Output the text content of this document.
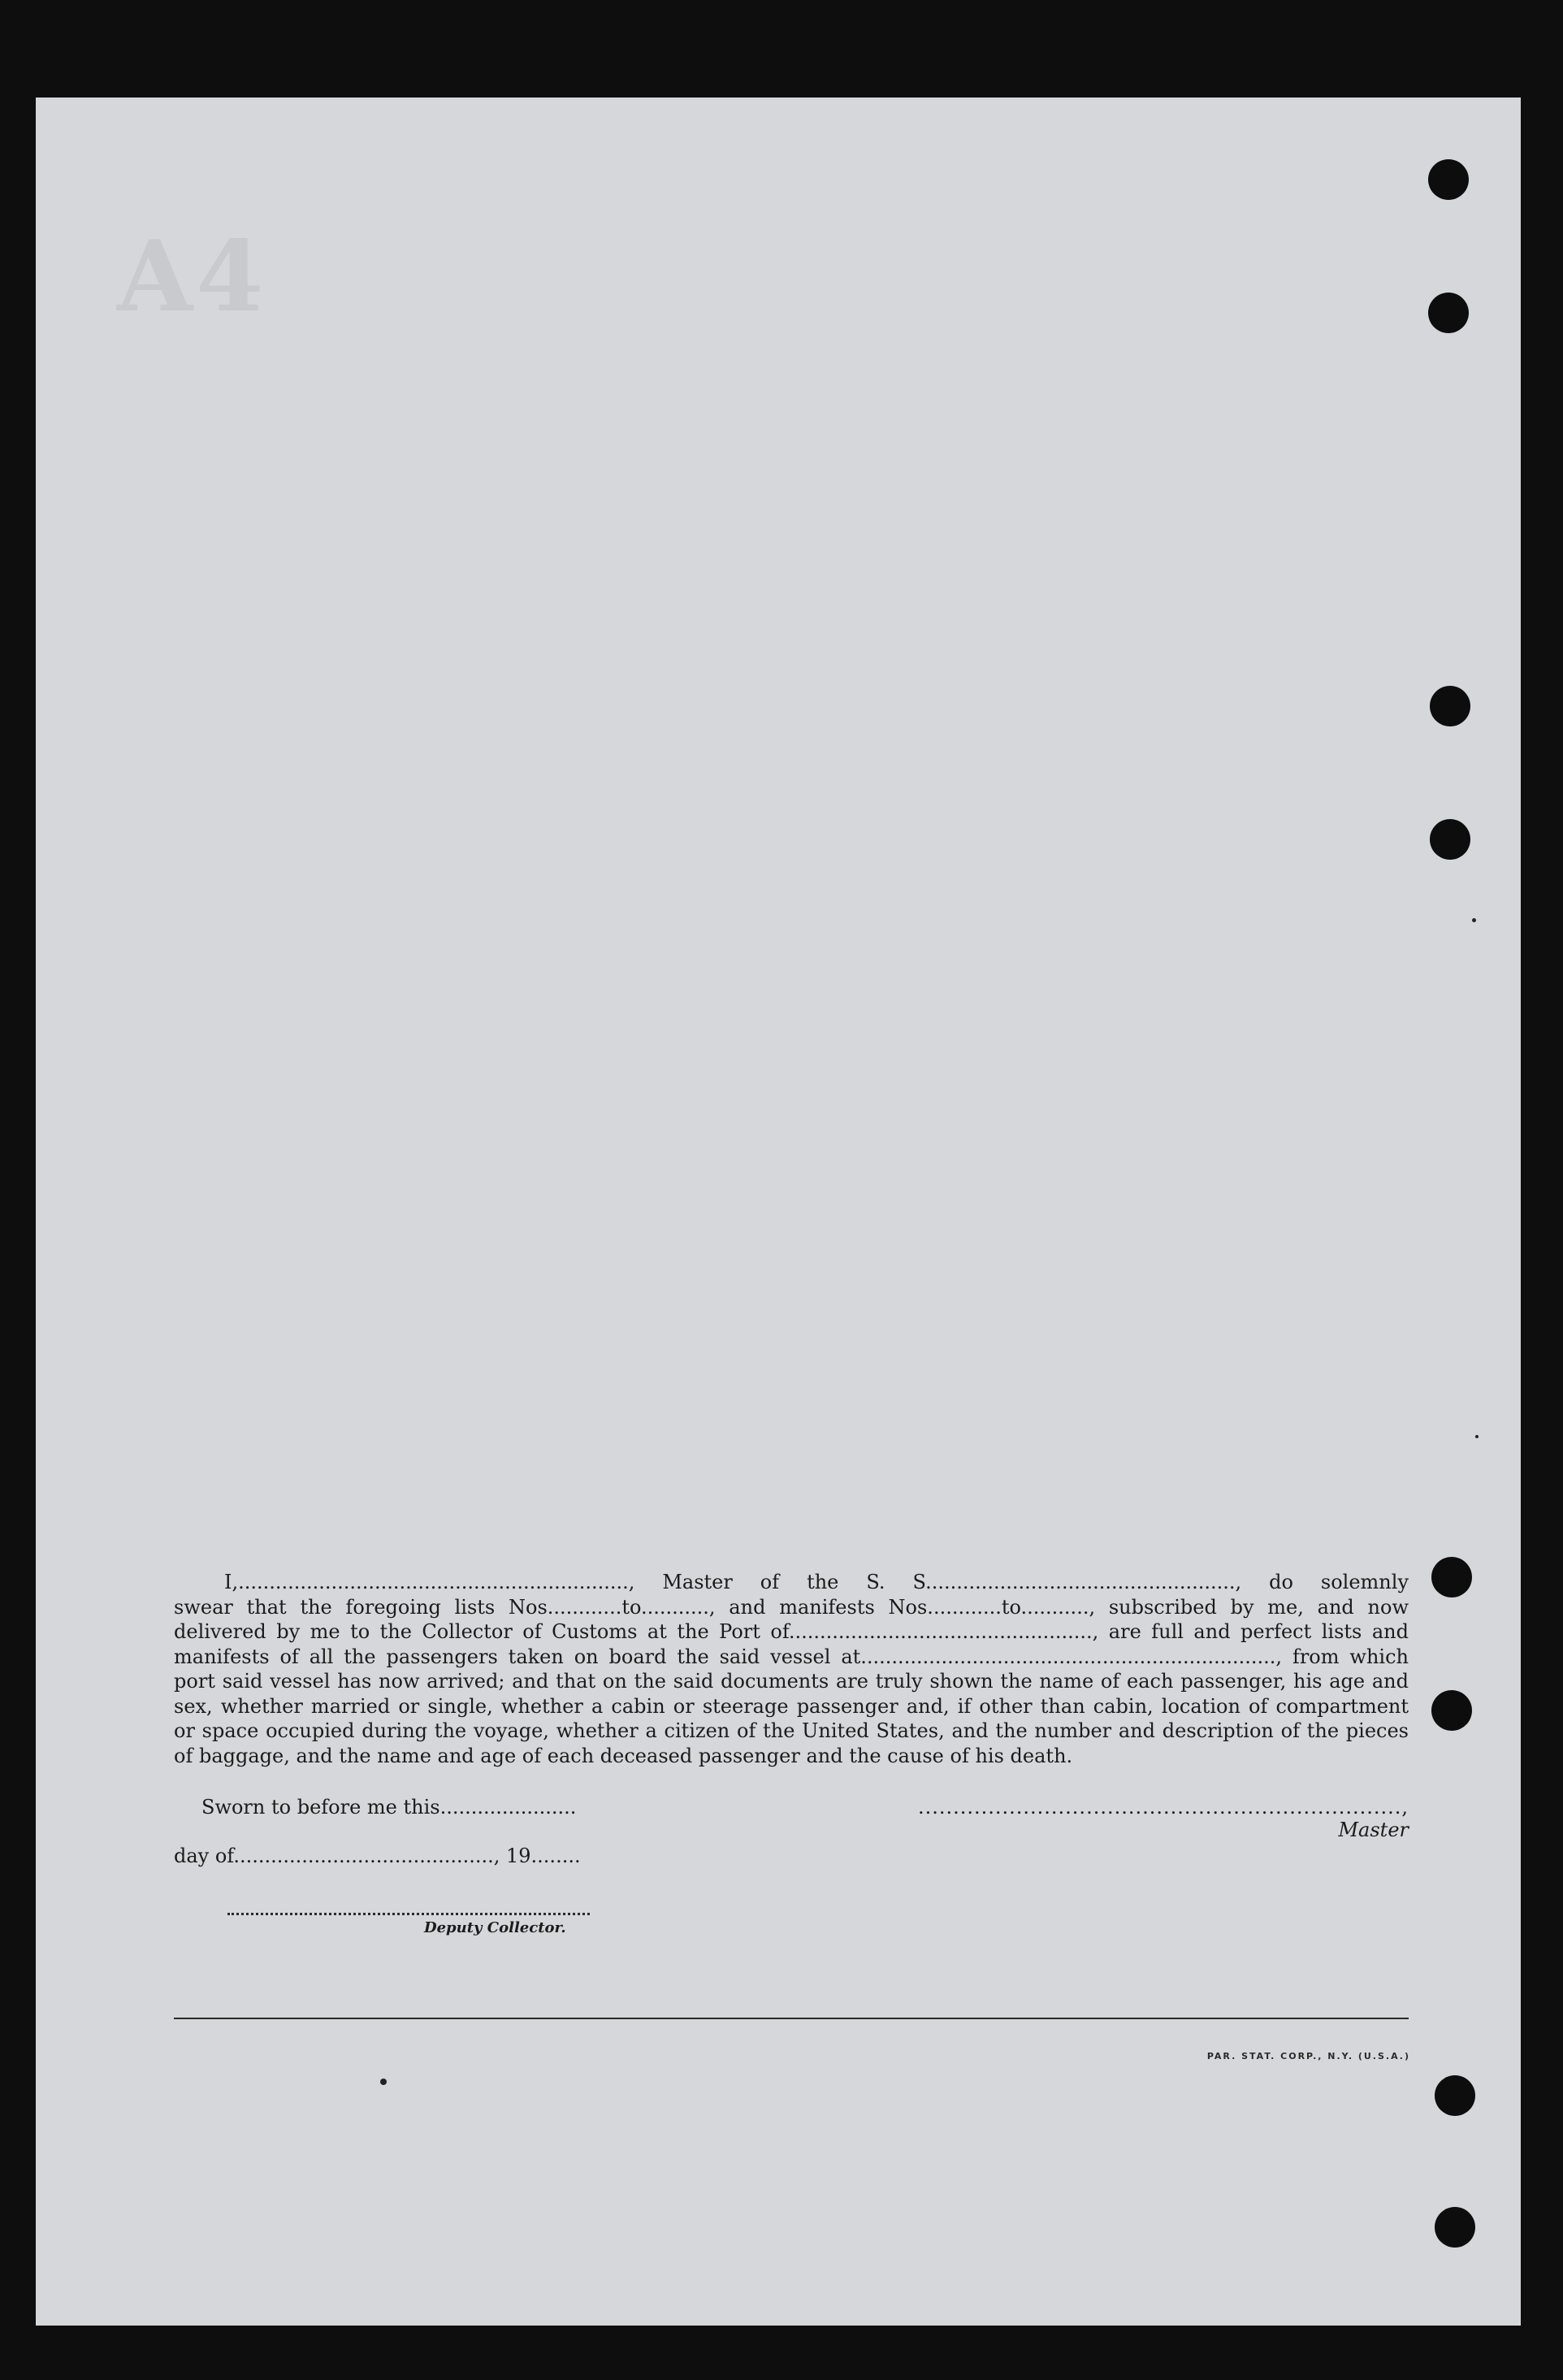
A4
I,..............................................................., Master of the S. S.................................................., do solemnly
swear that the foregoing lists Nos............to..........., and manifests Nos............to..........., subscribed by me, and now
delivered by me to the Collector of Customs at the Port of................................................., are full and perfect lists and
manifests of all the passengers taken on board the said vessel at..................................................................., from which
port said vessel has now arrived; and that on the said documents are truly shown the name of each passenger, his age and
sex, whether married or single, whether a cabin or steerage passenger and, if other than cabin, location of compartment
or space occupied during the voyage, whether a citizen of the United States, and the number and description of the pieces
of baggage, and the name and age of each deceased passenger and the cause of his death.
Sworn to before me this......................
day of.........................................., 19........
Deputy Collector.
....................................................................., Master
PAR. STAT. CORP., N.Y. (U.S.A.)
